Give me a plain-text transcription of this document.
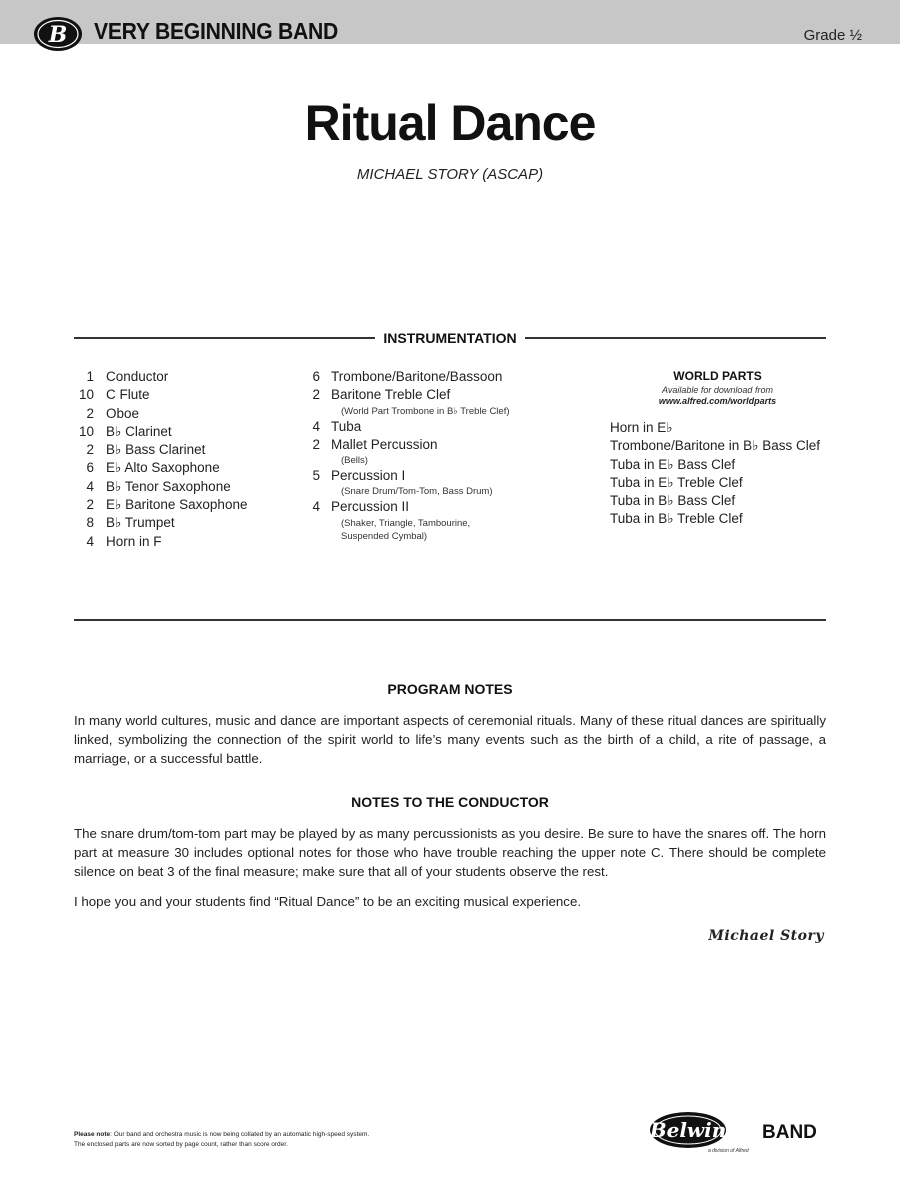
B VERY BEGINNING BAND	Grade ½
Ritual Dance
MICHAEL STORY (ASCAP)
INSTRUMENTATION
1 Conductor
10 C Flute
2 Oboe
10 B♭ Clarinet
2 B♭ Bass Clarinet
6 E♭ Alto Saxophone
4 B♭ Tenor Saxophone
2 E♭ Baritone Saxophone
8 B♭ Trumpet
4 Horn in F
6 Trombone/Baritone/Bassoon
2 Baritone Treble Clef
(World Part Trombone in B♭ Treble Clef)
4 Tuba
2 Mallet Percussion
(Bells)
5 Percussion I
(Snare Drum/Tom-Tom, Bass Drum)
4 Percussion II
(Shaker, Triangle, Tambourine, Suspended Cymbal)
WORLD PARTS
Available for download from
www.alfred.com/worldparts
Horn in E♭
Trombone/Baritone in B♭ Bass Clef
Tuba in E♭ Bass Clef
Tuba in E♭ Treble Clef
Tuba in B♭ Bass Clef
Tuba in B♭ Treble Clef
PROGRAM NOTES
In many world cultures, music and dance are important aspects of ceremonial rituals. Many of these ritual dances are spiritually linked, symbolizing the connection of the spirit world to life’s many events such as the birth of a child, a rite of passage, a marriage, or a successful battle.
NOTES TO THE CONDUCTOR
The snare drum/tom-tom part may be played by as many percussionists as you desire. Be sure to have the snares off. The horn part at measure 30 includes optional notes for those who have trouble reaching the upper note C. There should be complete silence on beat 3 of the final measure; make sure that all of your students observe the rest.
I hope you and your students find “Ritual Dance” to be an exciting musical experience.
Michael Story
Please note: Our band and orchestra music is now being collated by an automatic high-speed system.
The enclosed parts are now sorted by page count, rather than score order.
Belwin BAND
a division of Alfred
